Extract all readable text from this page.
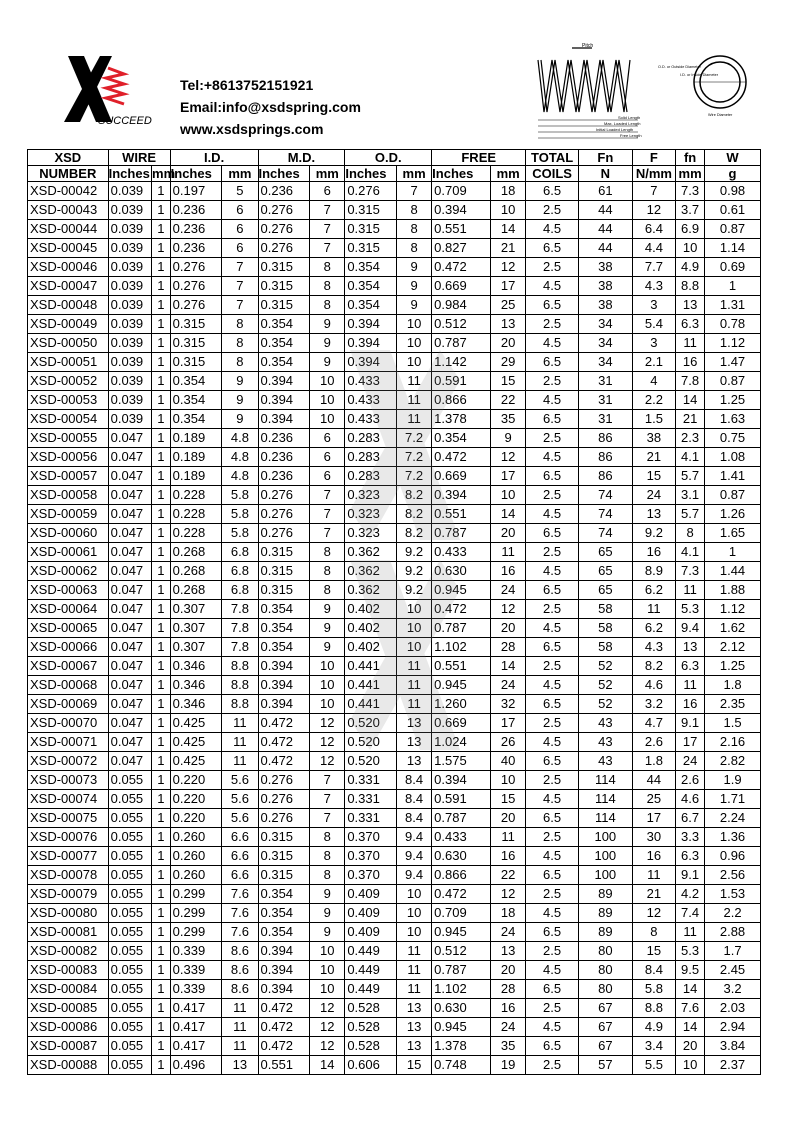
SUCCEED
Tel:+8613752151921
Email:info@xsdspring.com
www.xsdsprings.com
Pitch
Solid Length
Max. Loaded Length
Initial Loaded Length
Free Length
O.D. or Outside Diameter
I.D. or Inside Diameter
Wire Diameter
XSD	WIRE		I.D.		M.D.		O.D.		FREE		TOTAL	Fn	F	fn	W
NUMBER	Inches	mm	Inches	mm	Inches	mm	Inches	mm	Inches	mm	COILS	N	N/mm	mm	g
XSD-00042	0.039	1	0.197	5	0.236	6	0.276	7	0.709	18	6.5	61	7	7.3	0.98
XSD-00043	0.039	1	0.236	6	0.276	7	0.315	8	0.394	10	2.5	44	12	3.7	0.61
XSD-00044	0.039	1	0.236	6	0.276	7	0.315	8	0.551	14	4.5	44	6.4	6.9	0.87
XSD-00045	0.039	1	0.236	6	0.276	7	0.315	8	0.827	21	6.5	44	4.4	10	1.14
XSD-00046	0.039	1	0.276	7	0.315	8	0.354	9	0.472	12	2.5	38	7.7	4.9	0.69
XSD-00047	0.039	1	0.276	7	0.315	8	0.354	9	0.669	17	4.5	38	4.3	8.8	1
XSD-00048	0.039	1	0.276	7	0.315	8	0.354	9	0.984	25	6.5	38	3	13	1.31
XSD-00049	0.039	1	0.315	8	0.354	9	0.394	10	0.512	13	2.5	34	5.4	6.3	0.78
XSD-00050	0.039	1	0.315	8	0.354	9	0.394	10	0.787	20	4.5	34	3	11	1.12
XSD-00051	0.039	1	0.315	8	0.354	9	0.394	10	1.142	29	6.5	34	2.1	16	1.47
XSD-00052	0.039	1	0.354	9	0.394	10	0.433	11	0.591	15	2.5	31	4	7.8	0.87
XSD-00053	0.039	1	0.354	9	0.394	10	0.433	11	0.866	22	4.5	31	2.2	14	1.25
XSD-00054	0.039	1	0.354	9	0.394	10	0.433	11	1.378	35	6.5	31	1.5	21	1.63
XSD-00055	0.047	1	0.189	4.8	0.236	6	0.283	7.2	0.354	9	2.5	86	38	2.3	0.75
XSD-00056	0.047	1	0.189	4.8	0.236	6	0.283	7.2	0.472	12	4.5	86	21	4.1	1.08
XSD-00057	0.047	1	0.189	4.8	0.236	6	0.283	7.2	0.669	17	6.5	86	15	5.7	1.41
XSD-00058	0.047	1	0.228	5.8	0.276	7	0.323	8.2	0.394	10	2.5	74	24	3.1	0.87
XSD-00059	0.047	1	0.228	5.8	0.276	7	0.323	8.2	0.551	14	4.5	74	13	5.7	1.26
XSD-00060	0.047	1	0.228	5.8	0.276	7	0.323	8.2	0.787	20	6.5	74	9.2	8	1.65
XSD-00061	0.047	1	0.268	6.8	0.315	8	0.362	9.2	0.433	11	2.5	65	16	4.1	1
XSD-00062	0.047	1	0.268	6.8	0.315	8	0.362	9.2	0.630	16	4.5	65	8.9	7.3	1.44
XSD-00063	0.047	1	0.268	6.8	0.315	8	0.362	9.2	0.945	24	6.5	65	6.2	11	1.88
XSD-00064	0.047	1	0.307	7.8	0.354	9	0.402	10	0.472	12	2.5	58	11	5.3	1.12
XSD-00065	0.047	1	0.307	7.8	0.354	9	0.402	10	0.787	20	4.5	58	6.2	9.4	1.62
XSD-00066	0.047	1	0.307	7.8	0.354	9	0.402	10	1.102	28	6.5	58	4.3	13	2.12
XSD-00067	0.047	1	0.346	8.8	0.394	10	0.441	11	0.551	14	2.5	52	8.2	6.3	1.25
XSD-00068	0.047	1	0.346	8.8	0.394	10	0.441	11	0.945	24	4.5	52	4.6	11	1.8
XSD-00069	0.047	1	0.346	8.8	0.394	10	0.441	11	1.260	32	6.5	52	3.2	16	2.35
XSD-00070	0.047	1	0.425	11	0.472	12	0.520	13	0.669	17	2.5	43	4.7	9.1	1.5
XSD-00071	0.047	1	0.425	11	0.472	12	0.520	13	1.024	26	4.5	43	2.6	17	2.16
XSD-00072	0.047	1	0.425	11	0.472	12	0.520	13	1.575	40	6.5	43	1.8	24	2.82
XSD-00073	0.055	1	0.220	5.6	0.276	7	0.331	8.4	0.394	10	2.5	114	44	2.6	1.9
XSD-00074	0.055	1	0.220	5.6	0.276	7	0.331	8.4	0.591	15	4.5	114	25	4.6	1.71
XSD-00075	0.055	1	0.220	5.6	0.276	7	0.331	8.4	0.787	20	6.5	114	17	6.7	2.24
XSD-00076	0.055	1	0.260	6.6	0.315	8	0.370	9.4	0.433	11	2.5	100	30	3.3	1.36
XSD-00077	0.055	1	0.260	6.6	0.315	8	0.370	9.4	0.630	16	4.5	100	16	6.3	0.96
XSD-00078	0.055	1	0.260	6.6	0.315	8	0.370	9.4	0.866	22	6.5	100	11	9.1	2.56
XSD-00079	0.055	1	0.299	7.6	0.354	9	0.409	10	0.472	12	2.5	89	21	4.2	1.53
XSD-00080	0.055	1	0.299	7.6	0.354	9	0.409	10	0.709	18	4.5	89	12	7.4	2.2
XSD-00081	0.055	1	0.299	7.6	0.354	9	0.409	10	0.945	24	6.5	89	8	11	2.88
XSD-00082	0.055	1	0.339	8.6	0.394	10	0.449	11	0.512	13	2.5	80	15	5.3	1.7
XSD-00083	0.055	1	0.339	8.6	0.394	10	0.449	11	0.787	20	4.5	80	8.4	9.5	2.45
XSD-00084	0.055	1	0.339	8.6	0.394	10	0.449	11	1.102	28	6.5	80	5.8	14	3.2
XSD-00085	0.055	1	0.417	11	0.472	12	0.528	13	0.630	16	2.5	67	8.8	7.6	2.03
XSD-00086	0.055	1	0.417	11	0.472	12	0.528	13	0.945	24	4.5	67	4.9	14	2.94
XSD-00087	0.055	1	0.417	11	0.472	12	0.528	13	1.378	35	6.5	67	3.4	20	3.84
XSD-00088	0.055	1	0.496	13	0.551	14	0.606	15	0.748	19	2.5	57	5.5	10	2.37
